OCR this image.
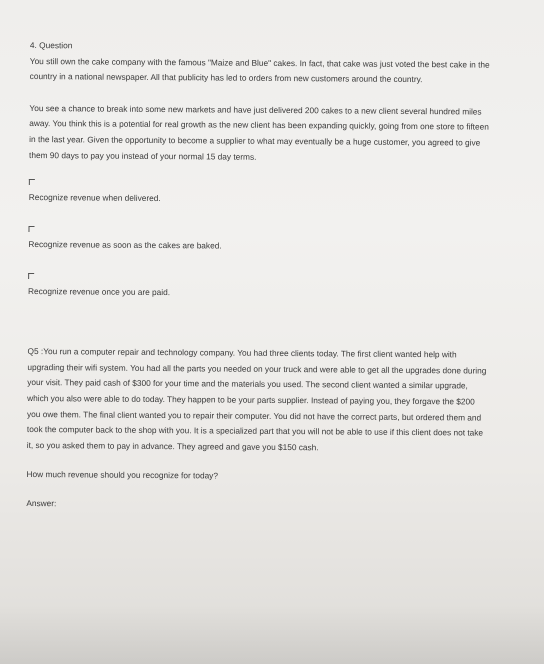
4. Question

You still own the cake company with the famous "Maize and Blue" cakes. In fact, that cake was just voted the best cake in the country in a national newspaper. All that publicity has led to orders from new customers around the country.

You see a chance to break into some new markets and have just delivered 200 cakes to a new client several hundred miles away. You think this is a potential for real growth as the new client has been expanding quickly, going from one store to fifteen in the last year. Given the opportunity to become a supplier to what may eventually be a huge customer, you agreed to give them 90 days to pay you instead of your normal 15 day terms.

Recognize revenue when delivered.
Recognize revenue as soon as the cakes are baked.
Recognize revenue once you are paid.

Q5 :You run a computer repair and technology company. You had three clients today. The first client wanted help with upgrading their wifi system. You had all the parts you needed on your truck and were able to get all the upgrades done during your visit. They paid cash of $300 for your time and the materials you used. The second client wanted a similar upgrade, which you also were able to do today. They happen to be your parts supplier. Instead of paying you, they forgave the $200 you owe them. The final client wanted you to repair their computer. You did not have the correct parts, but ordered them and took the computer back to the shop with you. It is a specialized part that you will not be able to use if this client does not take it, so you asked them to pay in advance. They agreed and gave you $150 cash.

How much revenue should you recognize for today?

Answer:
